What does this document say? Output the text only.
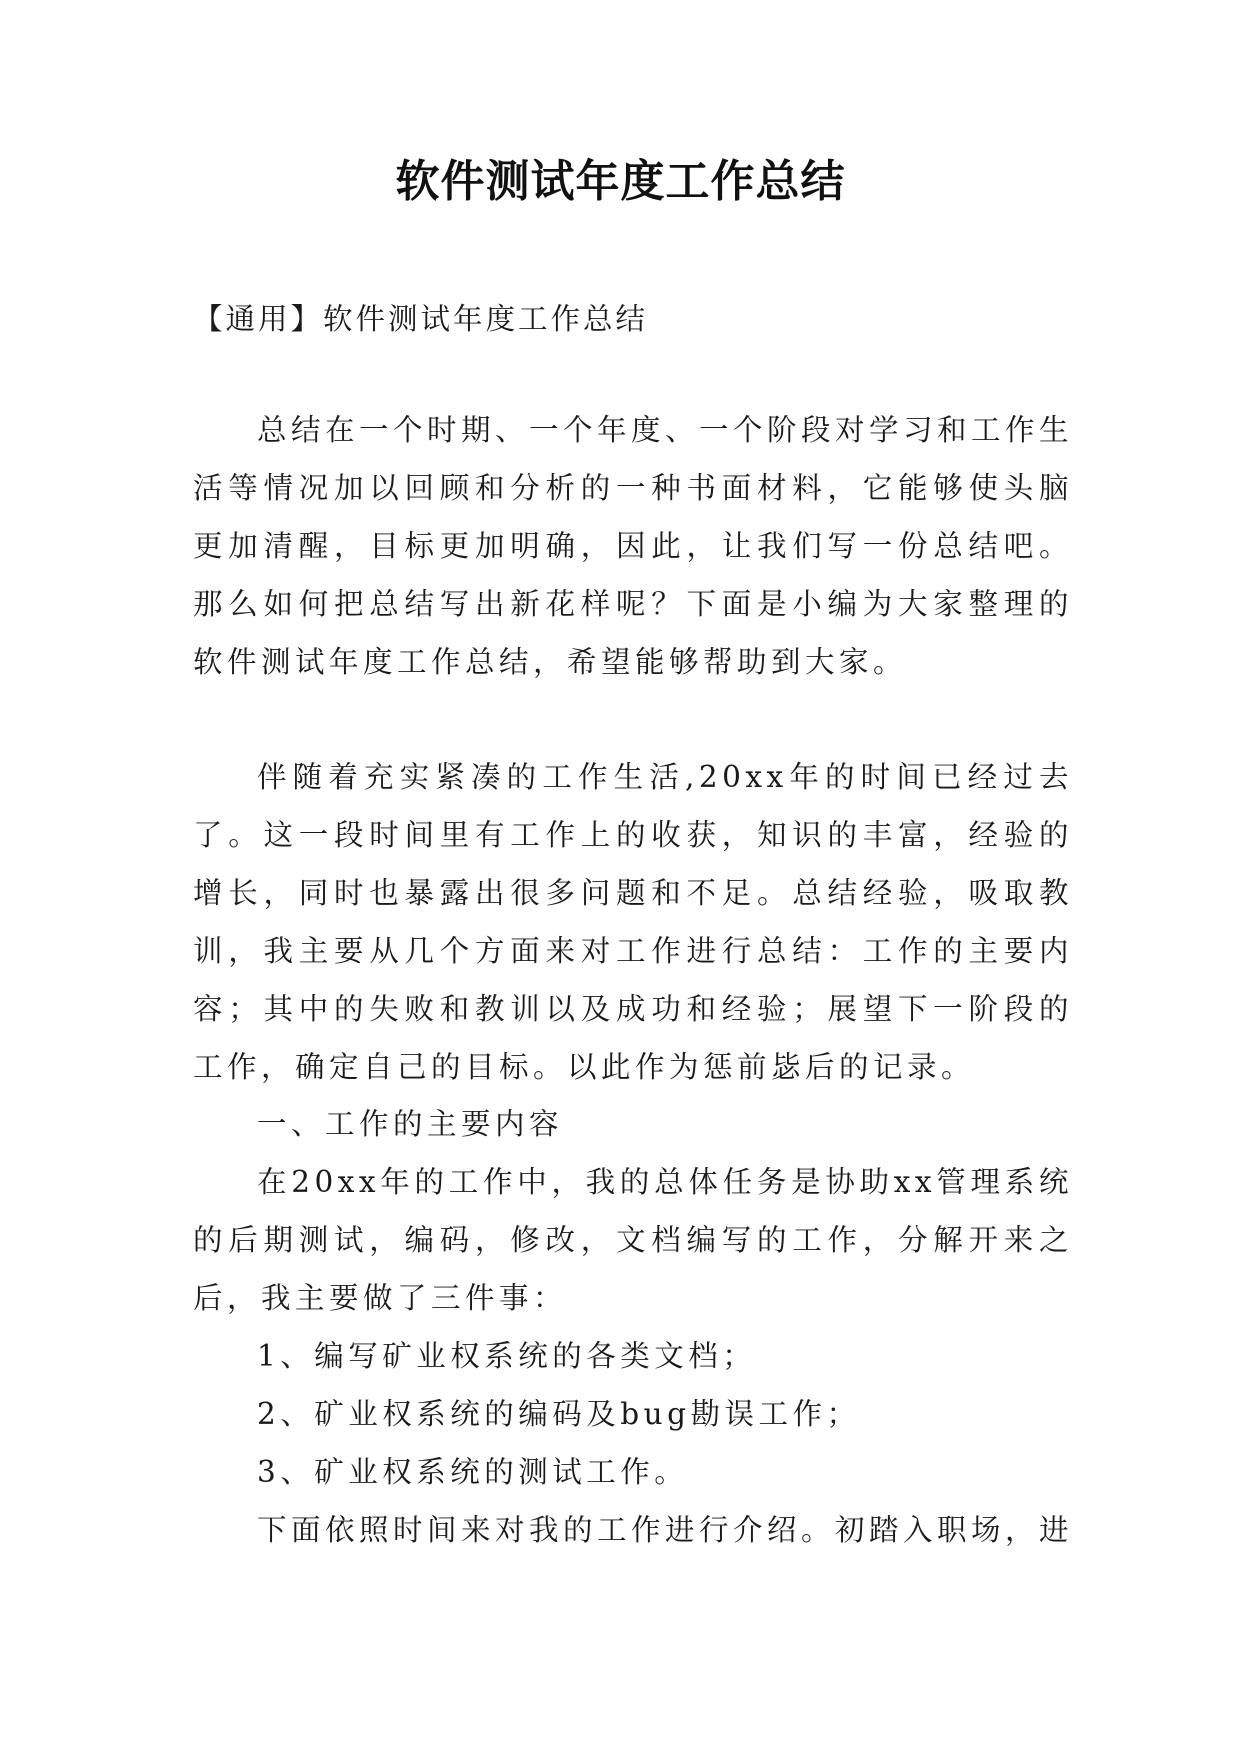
软件测试年度工作总结
【通用】软件测试年度工作总结
总结在一个时期、一个年度、一个阶段对学习和工作生活等情况加以回顾和分析的一种书面材料，它能够使头脑更加清醒，目标更加明确，因此，让我们写一份总结吧。那么如何把总结写出新花样呢？下面是小编为大家整理的软件测试年度工作总结，希望能够帮助到大家。
伴随着充实紧凑的工作生活,20xx年的时间已经过去了。这一段时间里有工作上的收获，知识的丰富，经验的增长，同时也暴露出很多问题和不足。总结经验，吸取教训，我主要从几个方面来对工作进行总结：工作的主要内容；其中的失败和教训以及成功和经验；展望下一阶段的工作，确定自己的目标。以此作为惩前毖后的记录。
一、工作的主要内容
在20xx年的工作中，我的总体任务是协助xx管理系统的后期测试，编码，修改，文档编写的工作，分解开来之后，我主要做了三件事：
1、编写矿业权系统的各类文档；
2、矿业权系统的编码及bug勘误工作；
3、矿业权系统的测试工作。
下面依照时间来对我的工作进行介绍。初踏入职场，进
